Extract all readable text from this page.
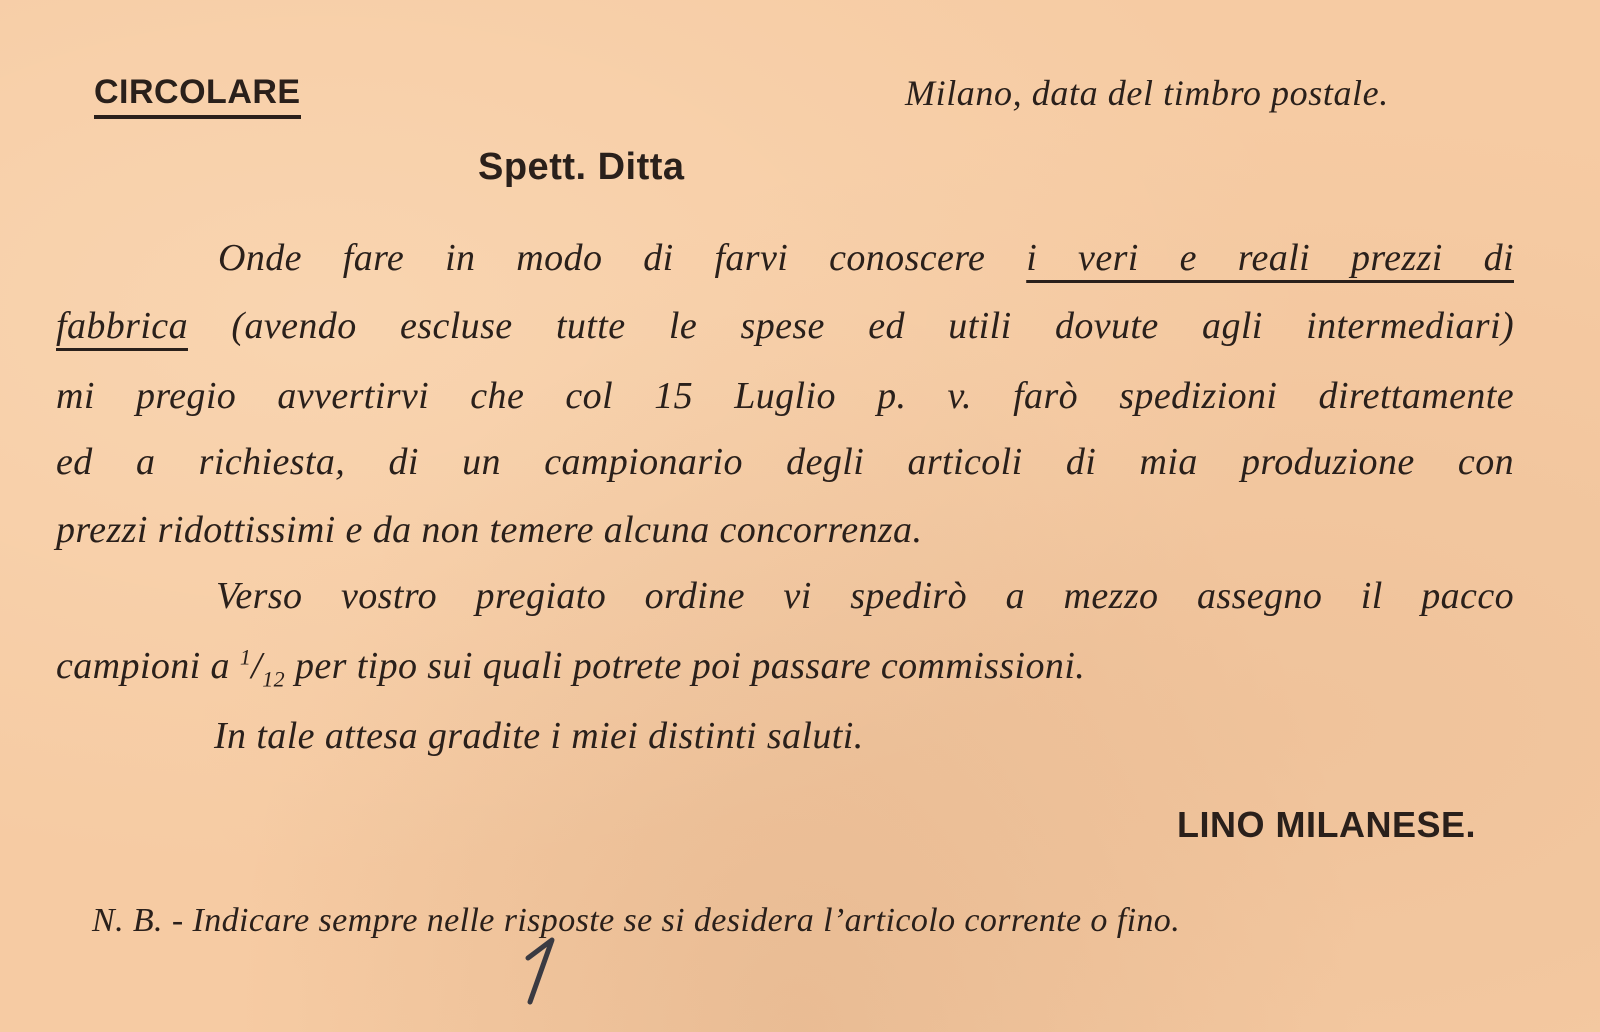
CIRCOLARE	Milano, data del timbro postale.
Spett. Ditta
Onde fare in modo di farvi conoscere i veri e reali prezzi di
fabbrica (avendo escluse tutte le spese ed utili dovute agli intermediari)
mi pregio avvertirvi che col 15 Luglio p. v. farò spedizioni direttamente
ed a richiesta, di un campionario degli articoli di mia produzione con
prezzi ridottissimi e da non temere alcuna concorrenza.
Verso vostro pregiato ordine vi spedirò a mezzo assegno il pacco
campioni a $^1/_{12}$ per tipo sui quali potrete poi passare commissioni.
In tale attesa gradite i miei distinti saluti.
LINO MILANESE.
N. B. - Indicare sempre nelle risposte se si desidera l’articolo corrente o fino.
